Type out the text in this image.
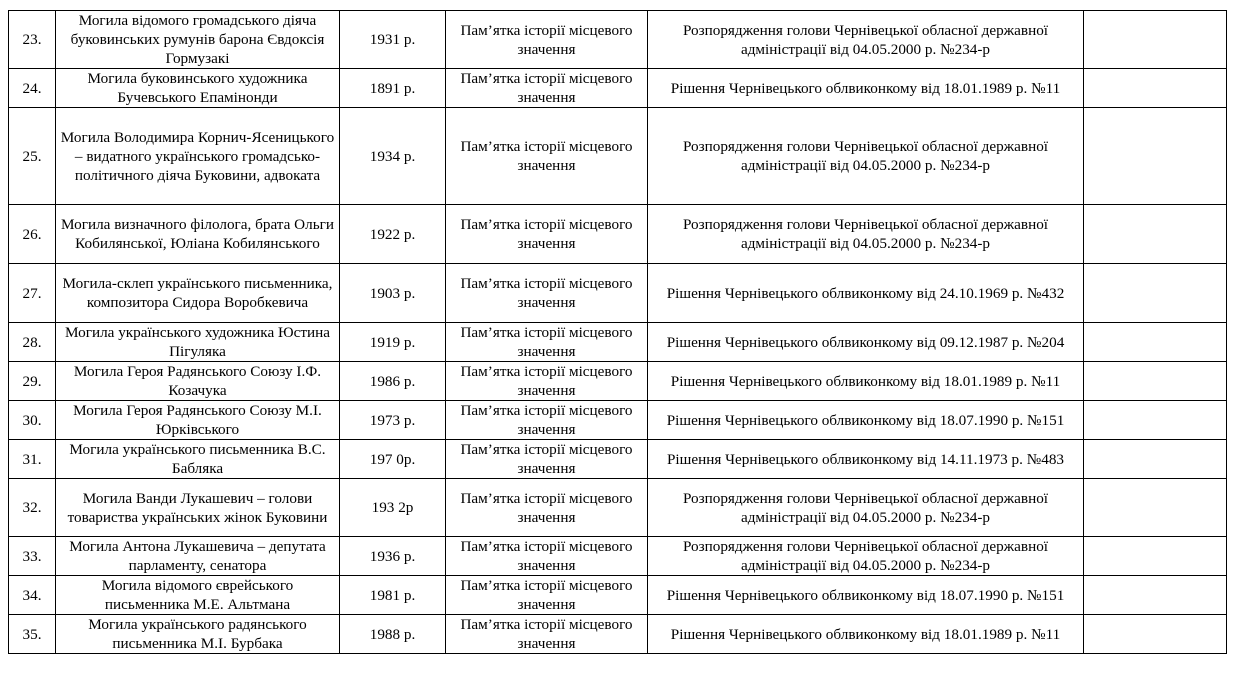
23.	Могила відомого громадського діяча буковинських румунів барона Євдоксія Гормузакі	1931 р.	Пам’ятка історії місцевого значення	Розпорядження голови Чернівецької обласної державної адміністрації від 04.05.2000 р. №234-р	
24.	Могила буковинського художника Бучевського Епамінонди	1891 р.	Пам’ятка історії місцевого значення	Рішення Чернівецького облвиконкому від 18.01.1989 р. №11	
25.	Могила Володимира Корнич-Ясеницького – видатного українського громадсько-політичного діяча Буковини, адвоката	1934 р.	Пам’ятка історії місцевого значення	Розпорядження голови Чернівецької обласної державної адміністрації від 04.05.2000 р. №234-р	
26.	Могила визначного філолога, брата Ольги Кобилянської, Юліана Кобилянського	1922 р.	Пам’ятка історії місцевого значення	Розпорядження голови Чернівецької обласної державної адміністрації від 04.05.2000 р. №234-р	
27.	Могила-склеп українського письменника, композитора Сидора Воробкевича	1903 р.	Пам’ятка історії місцевого значення	Рішення Чернівецького облвиконкому від 24.10.1969 р. №432	
28.	Могила українського художника Юстина Пігуляка	1919 р.	Пам’ятка історії місцевого значення	Рішення Чернівецького облвиконкому від 09.12.1987 р. №204	
29.	Могила Героя Радянського Союзу І.Ф. Козачука	1986 р.	Пам’ятка історії місцевого значення	Рішення Чернівецького облвиконкому від 18.01.1989 р. №11	
30.	Могила Героя Радянського Союзу М.І. Юрківського	1973 р.	Пам’ятка історії місцевого значення	Рішення Чернівецького облвиконкому від 18.07.1990 р. №151	
31.	Могила українського письменника В.С. Бабляка	197 0р.	Пам’ятка історії місцевого значення	Рішення Чернівецького облвиконкому від 14.11.1973 р. №483	
32.	Могила Ванди Лукашевич – голови товариства українських жінок Буковини	193 2р	Пам’ятка історії місцевого значення	Розпорядження голови Чернівецької обласної державної адміністрації від 04.05.2000 р. №234-р	
33.	Могила Антона Лукашевича – депутата парламенту, сенатора	1936 р.	Пам’ятка історії місцевого значення	Розпорядження голови Чернівецької обласної державної адміністрації від 04.05.2000 р. №234-р	
34.	Могила відомого єврейського письменника М.Е. Альтмана	1981 р.	Пам’ятка історії місцевого значення	Рішення Чернівецького облвиконкому від 18.07.1990 р. №151	
35.	Могила українського радянського письменника М.І. Бурбака	1988 р.	Пам’ятка історії місцевого значення	Рішення Чернівецького облвиконкому від 18.01.1989 р. №11	
